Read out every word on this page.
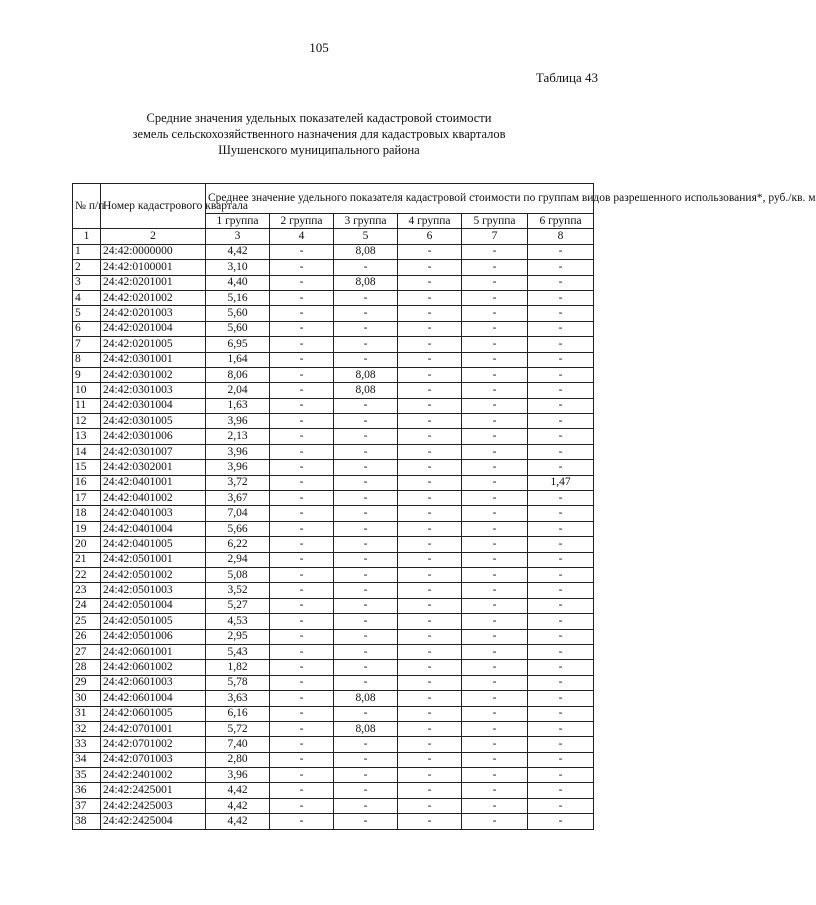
105
Таблица 43
Средние значения удельных показателей кадастровой стоимости
земель сельскохозяйственного назначения для кадастровых кварталов
Шушенского муниципального района
№ п/п	Номер кадастрового квартала	Среднее значение удельного показателя кадастровой стоимости по группам видов разрешенного использования*, руб./кв. м					
		1 группа	2 группа	3 группа	4 группа	5 группа	6 группа
1	2	3	4	5	6	7	8
1	24:42:0000000	4,42	-	8,08	-	-	-
2	24:42:0100001	3,10	-	-	-	-	-
3	24:42:0201001	4,40	-	8,08	-	-	-
4	24:42:0201002	5,16	-	-	-	-	-
5	24:42:0201003	5,60	-	-	-	-	-
6	24:42:0201004	5,60	-	-	-	-	-
7	24:42:0201005	6,95	-	-	-	-	-
8	24:42:0301001	1,64	-	-	-	-	-
9	24:42:0301002	8,06	-	8,08	-	-	-
10	24:42:0301003	2,04	-	8,08	-	-	-
11	24:42:0301004	1,63	-	-	-	-	-
12	24:42:0301005	3,96	-	-	-	-	-
13	24:42:0301006	2,13	-	-	-	-	-
14	24:42:0301007	3,96	-	-	-	-	-
15	24:42:0302001	3,96	-	-	-	-	-
16	24:42:0401001	3,72	-	-	-	-	1,47
17	24:42:0401002	3,67	-	-	-	-	-
18	24:42:0401003	7,04	-	-	-	-	-
19	24:42:0401004	5,66	-	-	-	-	-
20	24:42:0401005	6,22	-	-	-	-	-
21	24:42:0501001	2,94	-	-	-	-	-
22	24:42:0501002	5,08	-	-	-	-	-
23	24:42:0501003	3,52	-	-	-	-	-
24	24:42:0501004	5,27	-	-	-	-	-
25	24:42:0501005	4,53	-	-	-	-	-
26	24:42:0501006	2,95	-	-	-	-	-
27	24:42:0601001	5,43	-	-	-	-	-
28	24:42:0601002	1,82	-	-	-	-	-
29	24:42:0601003	5,78	-	-	-	-	-
30	24:42:0601004	3,63	-	8,08	-	-	-
31	24:42:0601005	6,16	-	-	-	-	-
32	24:42:0701001	5,72	-	8,08	-	-	-
33	24:42:0701002	7,40	-	-	-	-	-
34	24:42:0701003	2,80	-	-	-	-	-
35	24:42:2401002	3,96	-	-	-	-	-
36	24:42:2425001	4,42	-	-	-	-	-
37	24:42:2425003	4,42	-	-	-	-	-
38	24:42:2425004	4,42	-	-	-	-	-
